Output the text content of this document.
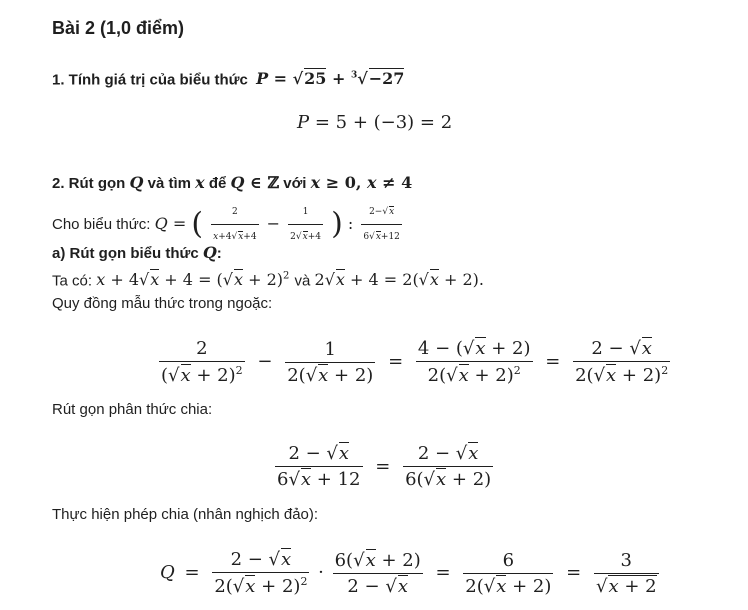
Bài 2 (1,0 điểm)
1. Tính giá trị của biểu thức P = √25 + $^3$√−27
P = 5 + (−3) = 2
2. Rút gọn Q và tìm x để Q ∈ ℤ với x ≥ 0, x ≠ 4
Cho biểu thức: Q = ( $\frac{2}{x+4√x+4} - \frac{1}{2√x+4}$ ) : $\frac{2-√x}{6√x+12}$
a) Rút gọn biểu thức Q:
Ta có: $x + 4√x + 4 = (√x + 2)^2$ và 2√x + 4 = 2(√x + 2).
Quy đồng mẫu thức trong ngoặc:
$\frac{2}{(√x + 2)^2} - \frac{1}{2(√x + 2)} = \frac{4 - (√x + 2)}{2(√x + 2)^2} = \frac{2 - √x}{2(√x + 2)^2}$
Rút gọn phân thức chia:
$\frac{2 - √x}{6√x + 12} = \frac{2 - √x}{6(√x + 2)}$
Thực hiện phép chia (nhân nghịch đảo):
$Q = \frac{2 - √x}{2(√x + 2)^2} \cdot \frac{6(√x + 2)}{2 - √x} = \frac{6}{2(√x + 2)} = \frac{3}{√x + 2}$
